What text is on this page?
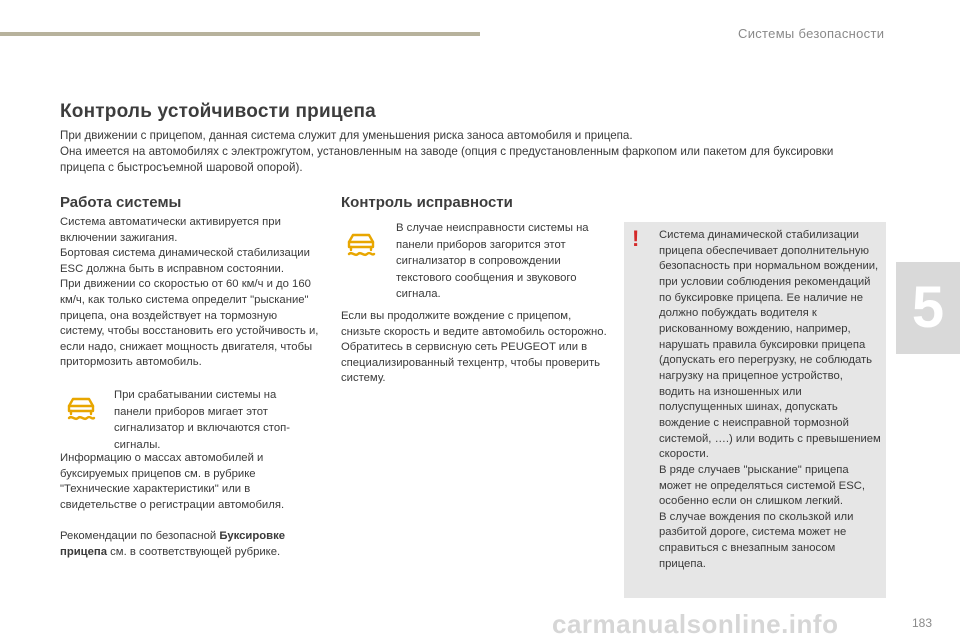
Системы безопасности
5
Контроль устойчивости прицепа

При движении с прицепом, данная система служит для уменьшения риска заноса автомобиля и прицепа.
Она имеется на автомобилях с электрожгутом, установленным на заводе (опция с предустановленным фаркопом или пакетом для буксировки прицепа с быстросъемной шаровой опорой).

Работа системы

Система автоматически активируется при включении зажигания.
Бортовая система динамической стабилизации ESC должна быть в исправном состоянии.
При движении со скоростью от 60 км/ч и до 160 км/ч, как только система определит "рыскание" прицепа, она воздействует на тормозную систему, чтобы восстановить его устойчивость и, если надо, снижает мощность двигателя, чтобы притормозить автомобиль.

При срабатывании системы на панели приборов мигает этот сигнализатор и включаются стоп-сигналы.

Информацию о массах автомобилей и буксируемых прицепов см. в рубрике "Технические характеристики" или в свидетельстве о регистрации автомобиля.

Рекомендации по безопасной Буксировке прицепа см. в соответствующей рубрике.

Контроль исправности

В случае неисправности системы на панели приборов загорится этот сигнализатор в сопровождении текстового сообщения и звукового сигнала.

Если вы продолжите вождение с прицепом, снизьте скорость и ведите автомобиль осторожно.
Обратитесь в сервисную сеть PEUGEOT или в специализированный техцентр, чтобы проверить систему.

! Система динамической стабилизации прицепа обеспечивает дополнительную безопасность при нормальном вождении, при условии соблюдения рекомендаций по буксировке прицепа. Ее наличие не должно побуждать водителя к рискованному вождению, например, нарушать правила буксировки прицепа (допускать его перегрузку, не соблюдать нагрузку на прицепное устройство, водить на изношенных или полуспущенных шинах, допускать вождение с неисправной тормозной системой, ….) или водить с превышением скорости.
В ряде случаев "рыскание" прицепа может не определяться системой ESC, особенно если он слишком легкий.
В случае вождения по скользкой или разбитой дороге, система может не справиться с внезапным заносом прицепа.

carmanualsonline.info	183
